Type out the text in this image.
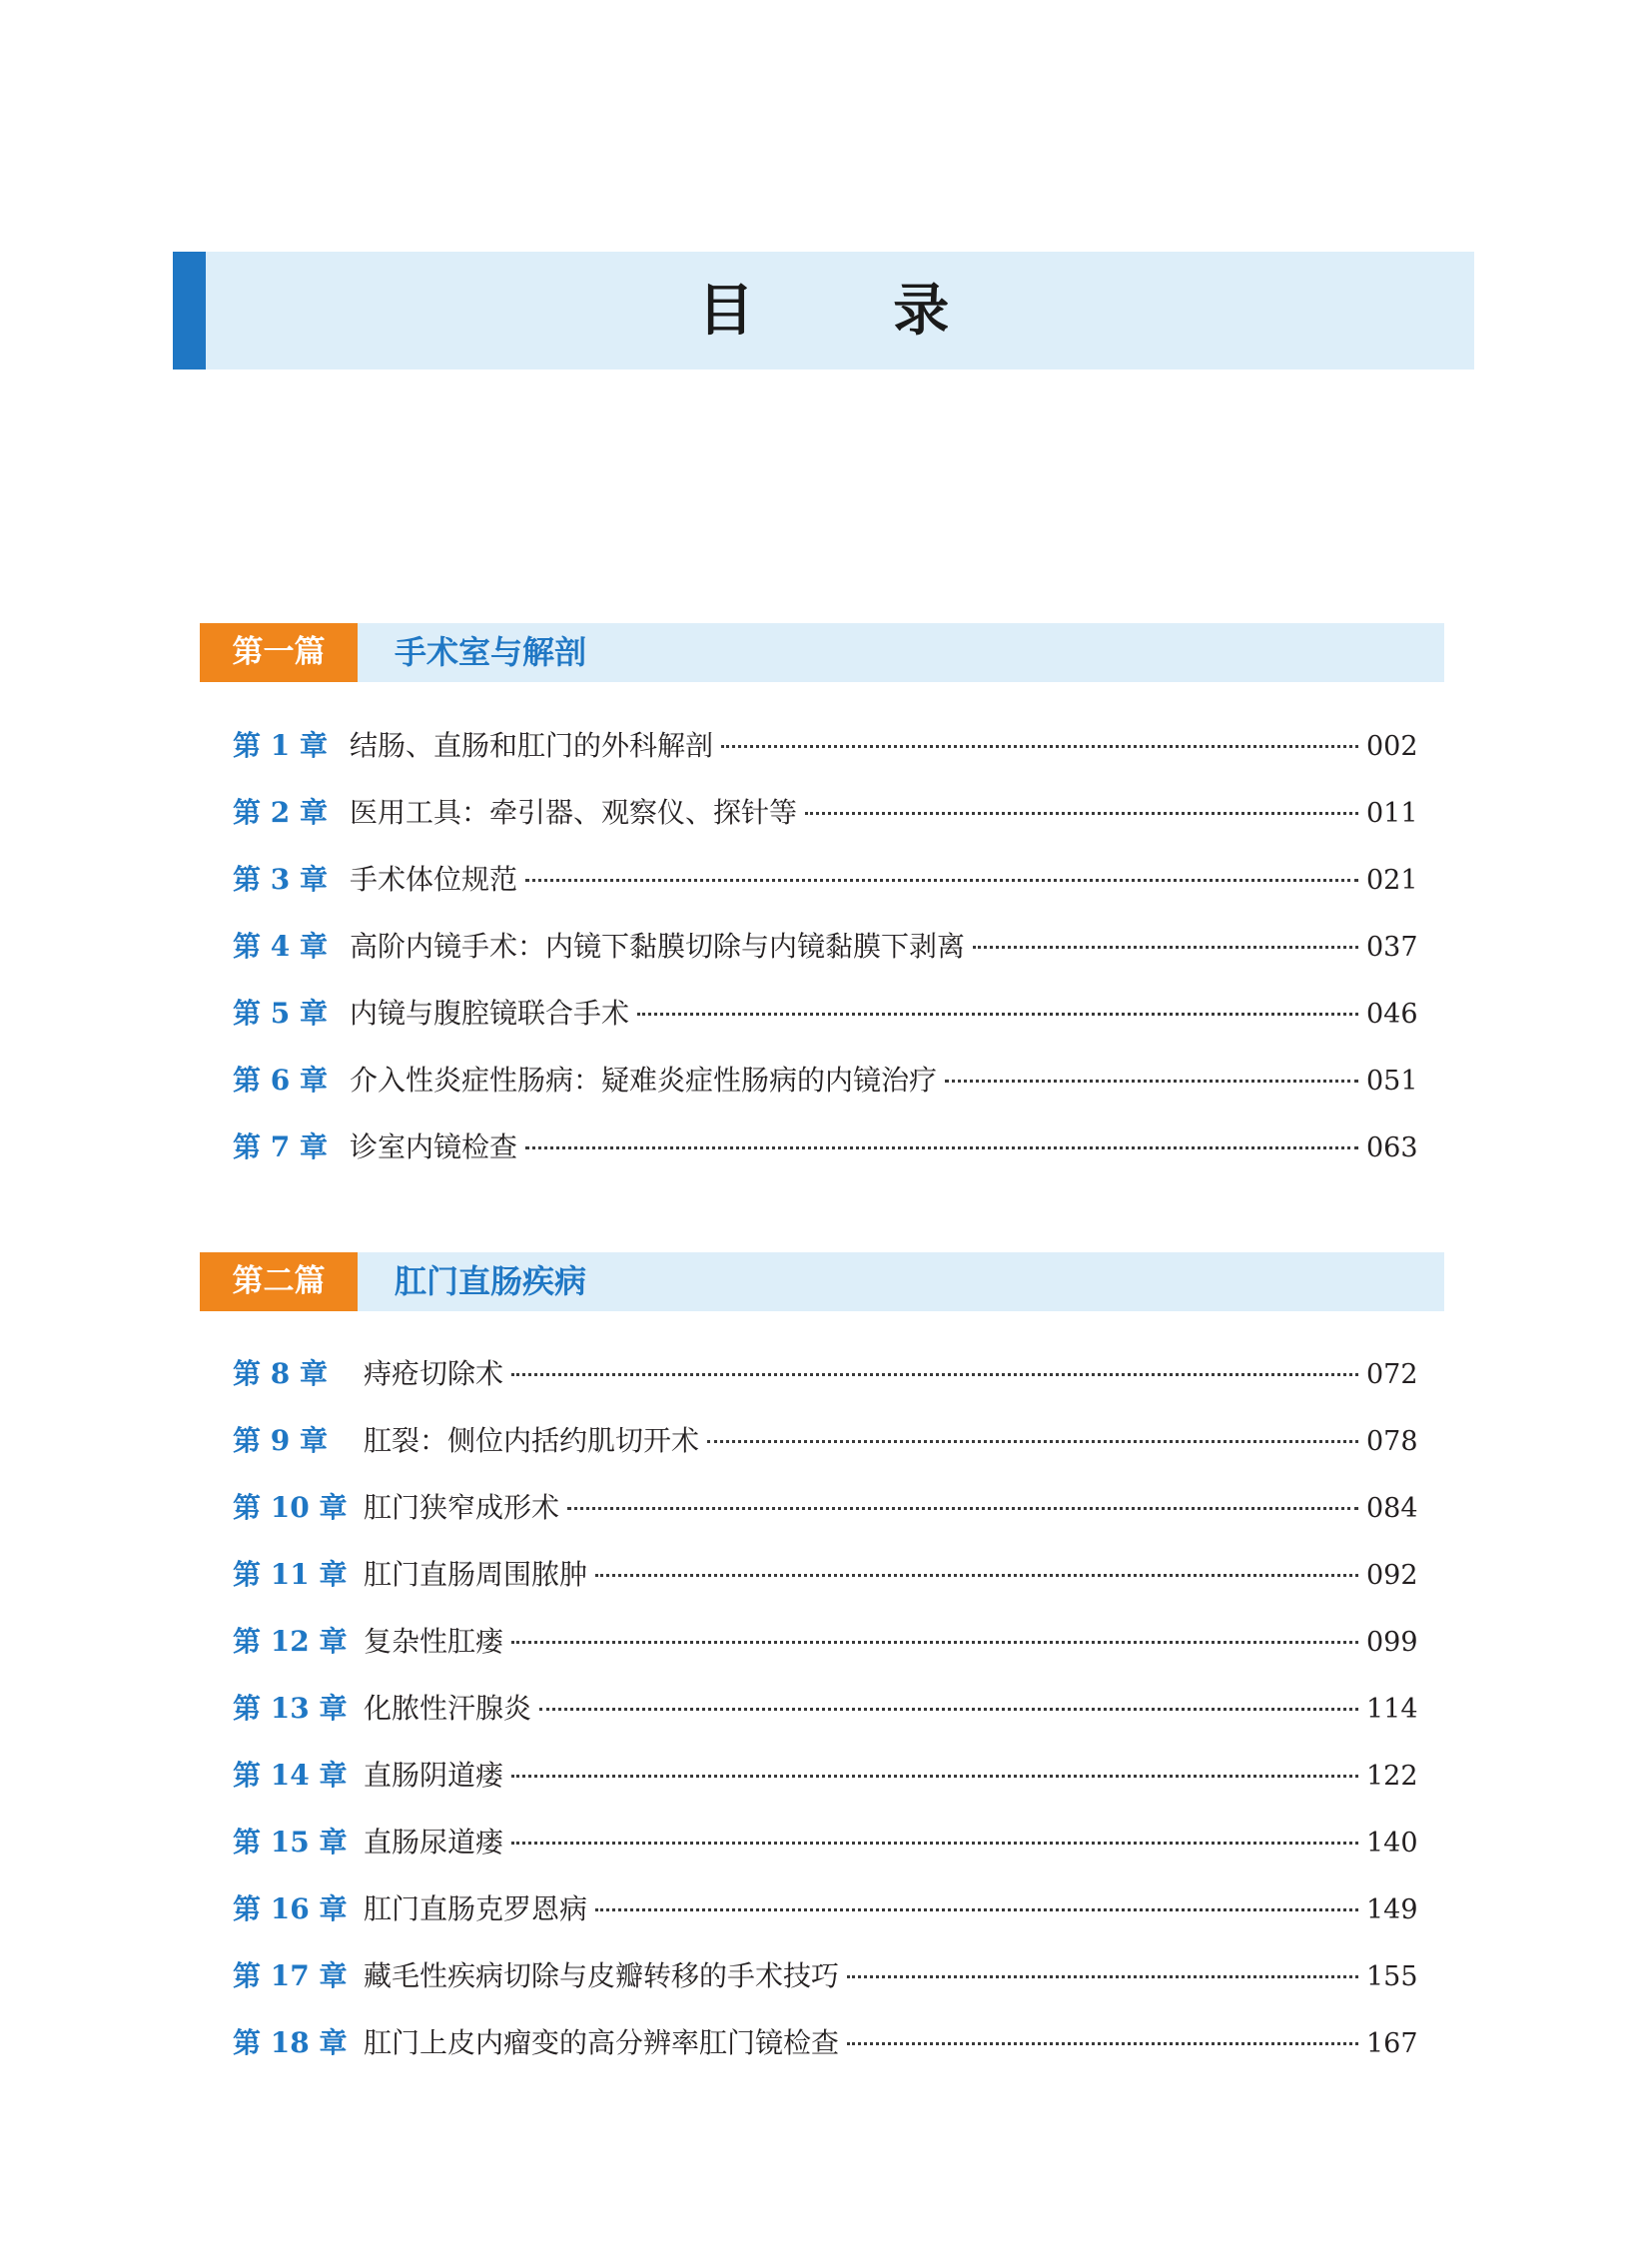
目 录
第一篇	手术室与解剖
第 1 章 结肠、直肠和肛门的外科解剖	002
第 2 章 医用工具：牵引器、观察仪、探针等	011
第 3 章 手术体位规范	021
第 4 章 高阶内镜手术：内镜下黏膜切除与内镜黏膜下剥离	037
第 5 章 内镜与腹腔镜联合手术	046
第 6 章 介入性炎症性肠病：疑难炎症性肠病的内镜治疗	051
第 7 章 诊室内镜检查	063
第二篇	肛门直肠疾病
第 8 章	痔疮切除术	072
第 9 章	肛裂：侧位内括约肌切开术	078
第 10 章 肛门狭窄成形术	084
第 11 章 肛门直肠周围脓肿	092
第 12 章 复杂性肛瘘	099
第 13 章 化脓性汗腺炎	114
第 14 章 直肠阴道瘘	122
第 15 章 直肠尿道瘘	140
第 16 章 肛门直肠克罗恩病	149
第 17 章 藏毛性疾病切除与皮瓣转移的手术技巧	155
第 18 章 肛门上皮内瘤变的高分辨率肛门镜检查	167
